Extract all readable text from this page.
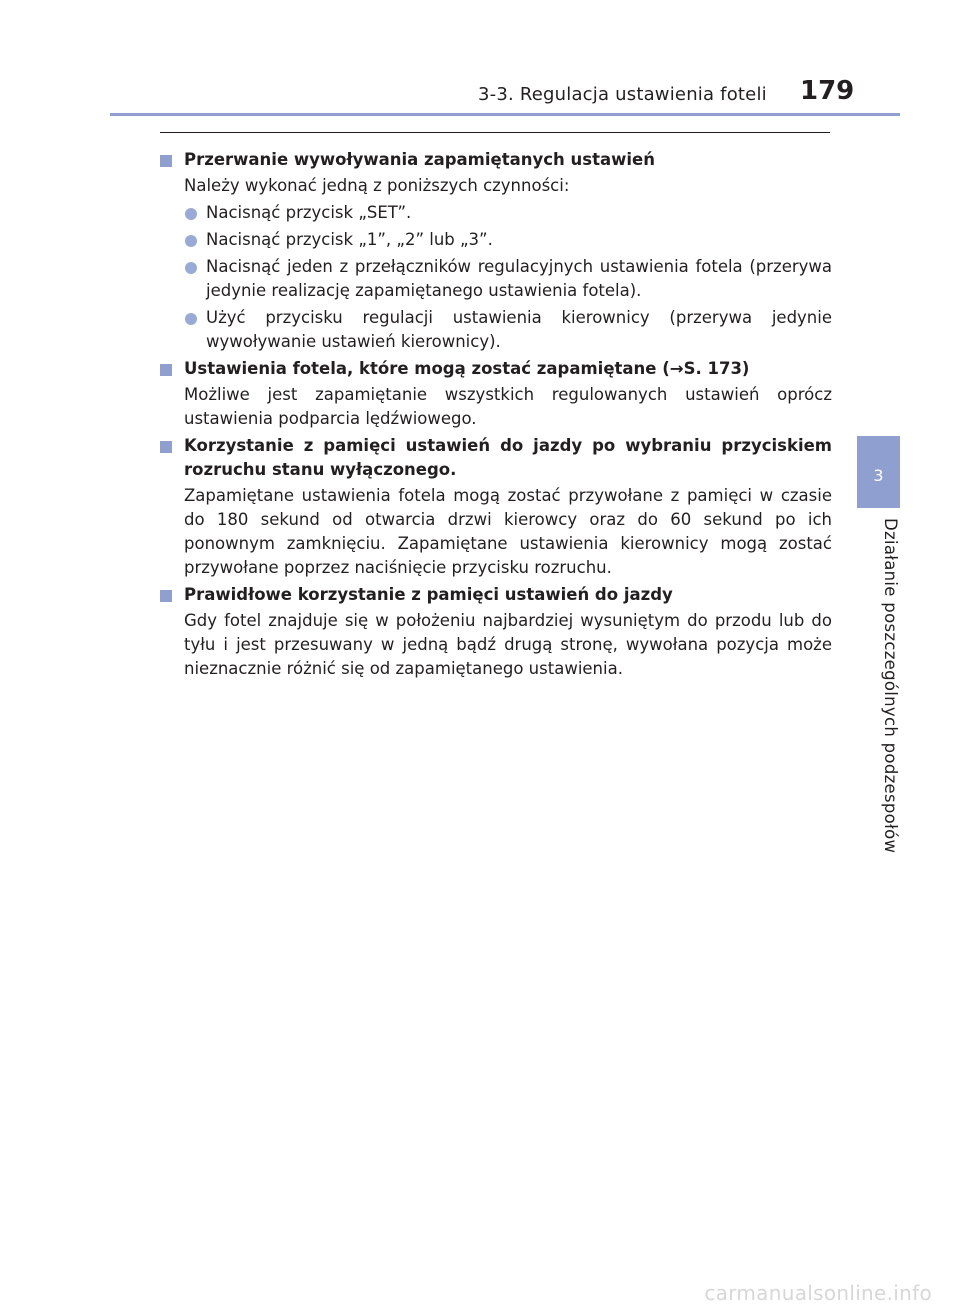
3-3. Regulacja ustawienia foteli 179
Przerwanie wywoływania zapamiętanych ustawień
Należy wykonać jedną z poniższych czynności:
Nacisnąć przycisk „SET”.
Nacisnąć przycisk „1”, „2” lub „3”.
Nacisnąć jeden z przełączników regulacyjnych ustawienia fotela (przerywa jedynie realizację zapamiętanego ustawienia fotela).
Użyć przycisku regulacji ustawienia kierownicy (przerywa jedynie wywoływanie ustawień kierownicy).
Ustawienia fotela, które mogą zostać zapamiętane (→S. 173)
Możliwe jest zapamiętanie wszystkich regulowanych ustawień oprócz ustawienia podparcia lędźwiowego.
Korzystanie z pamięci ustawień do jazdy po wybraniu przyciskiem rozruchu stanu wyłączonego.
Zapamiętane ustawienia fotela mogą zostać przywołane z pamięci w czasie do 180 sekund od otwarcia drzwi kierowcy oraz do 60 sekund po ich ponownym zamknięciu. Zapamiętane ustawienia kierownicy mogą zostać przywołane poprzez naciśnięcie przycisku rozruchu.
Prawidłowe korzystanie z pamięci ustawień do jazdy
Gdy fotel znajduje się w położeniu najbardziej wysuniętym do przodu lub do tyłu i jest przesuwany w jedną bądź drugą stronę, wywołana pozycja może nieznacznie różnić się od zapamiętanego ustawienia.
3
Działanie poszczególnych podzespołów
carmanualsonline.info
